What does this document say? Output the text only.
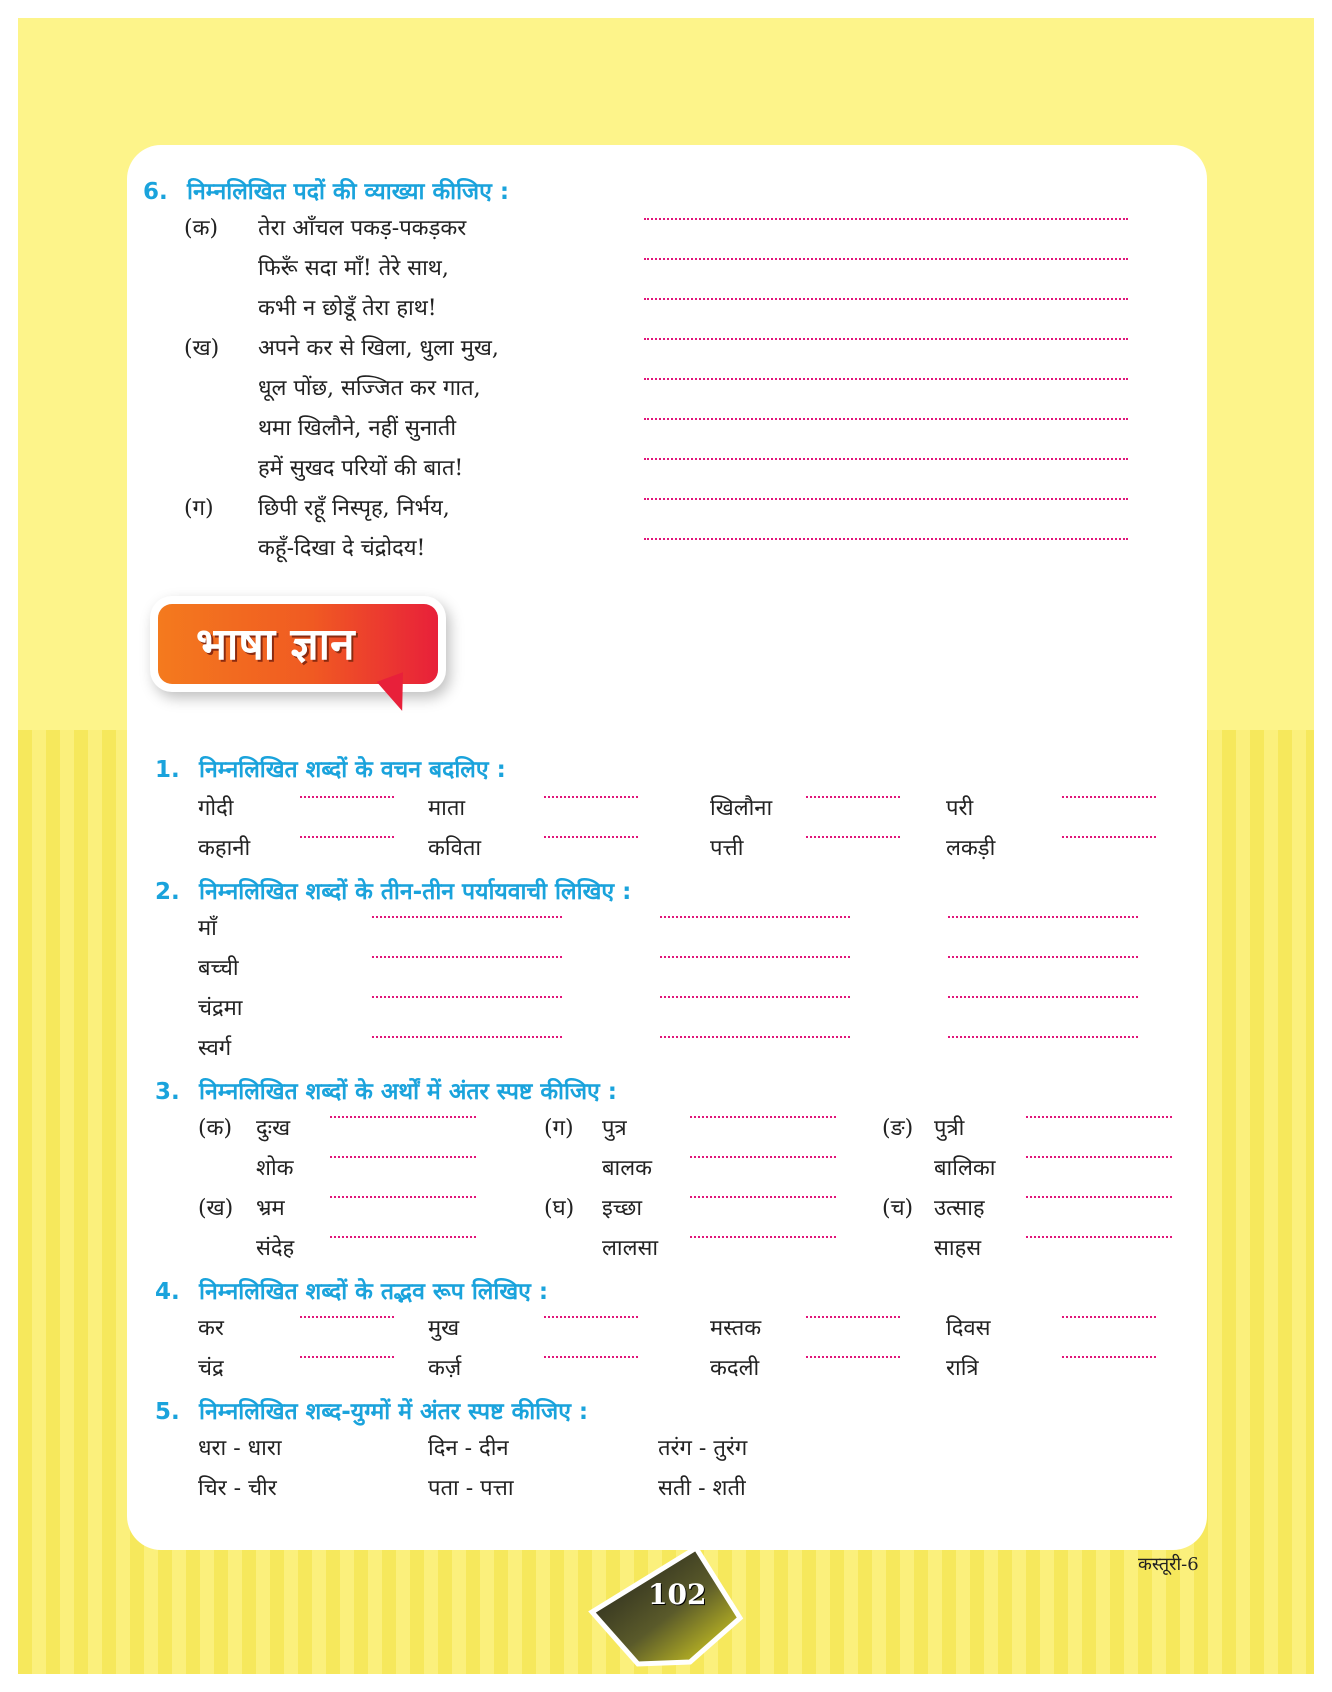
6. निम्नलिखित पदों की व्याख्या कीजिए :
(क) तेरा आँचल पकड़-पकड़कर
फिरूँ सदा माँ! तेरे साथ,
कभी न छोडूँ तेरा हाथ!
(ख) अपने कर से खिला, धुला मुख,
धूल पोंछ, सज्जित कर गात,
थमा खिलौने, नहीं सुनाती
हमें सुखद परियों की बात!
(ग) छिपी रहूँ निस्पृह, निर्भय,
कहूँ-दिखा दे चंद्रोदय!
भाषा ज्ञान
1. निम्नलिखित शब्दों के वचन बदलिए :
गोदी	माता	खिलौना	परी
कहानी	कविता	पत्ती	लकड़ी
2. निम्नलिखित शब्दों के तीन-तीन पर्यायवाची लिखिए :
माँ
बच्ची
चंद्रमा
स्वर्ग
3. निम्नलिखित शब्दों के अर्थों में अंतर स्पष्ट कीजिए :
(क) दुःख
शोक
(ग) पुत्र
बालक
(ङ) पुत्री
बालिका
(ख) भ्रम
संदेह
(घ) इच्छा
लालसा
(च) उत्साह
साहस
4. निम्नलिखित शब्दों के तद्भव रूप लिखिए :
कर	मुख	मस्तक	दिवस
चंद्र	कर्ज़	कदली	रात्रि
5. निम्नलिखित शब्द-युग्मों में अंतर स्पष्ट कीजिए :
धरा - धारा	दिन - दीन	तरंग - तुरंग
चिर - चीर	पता - पत्ता	सती - शती
102
कस्तूरी-6
